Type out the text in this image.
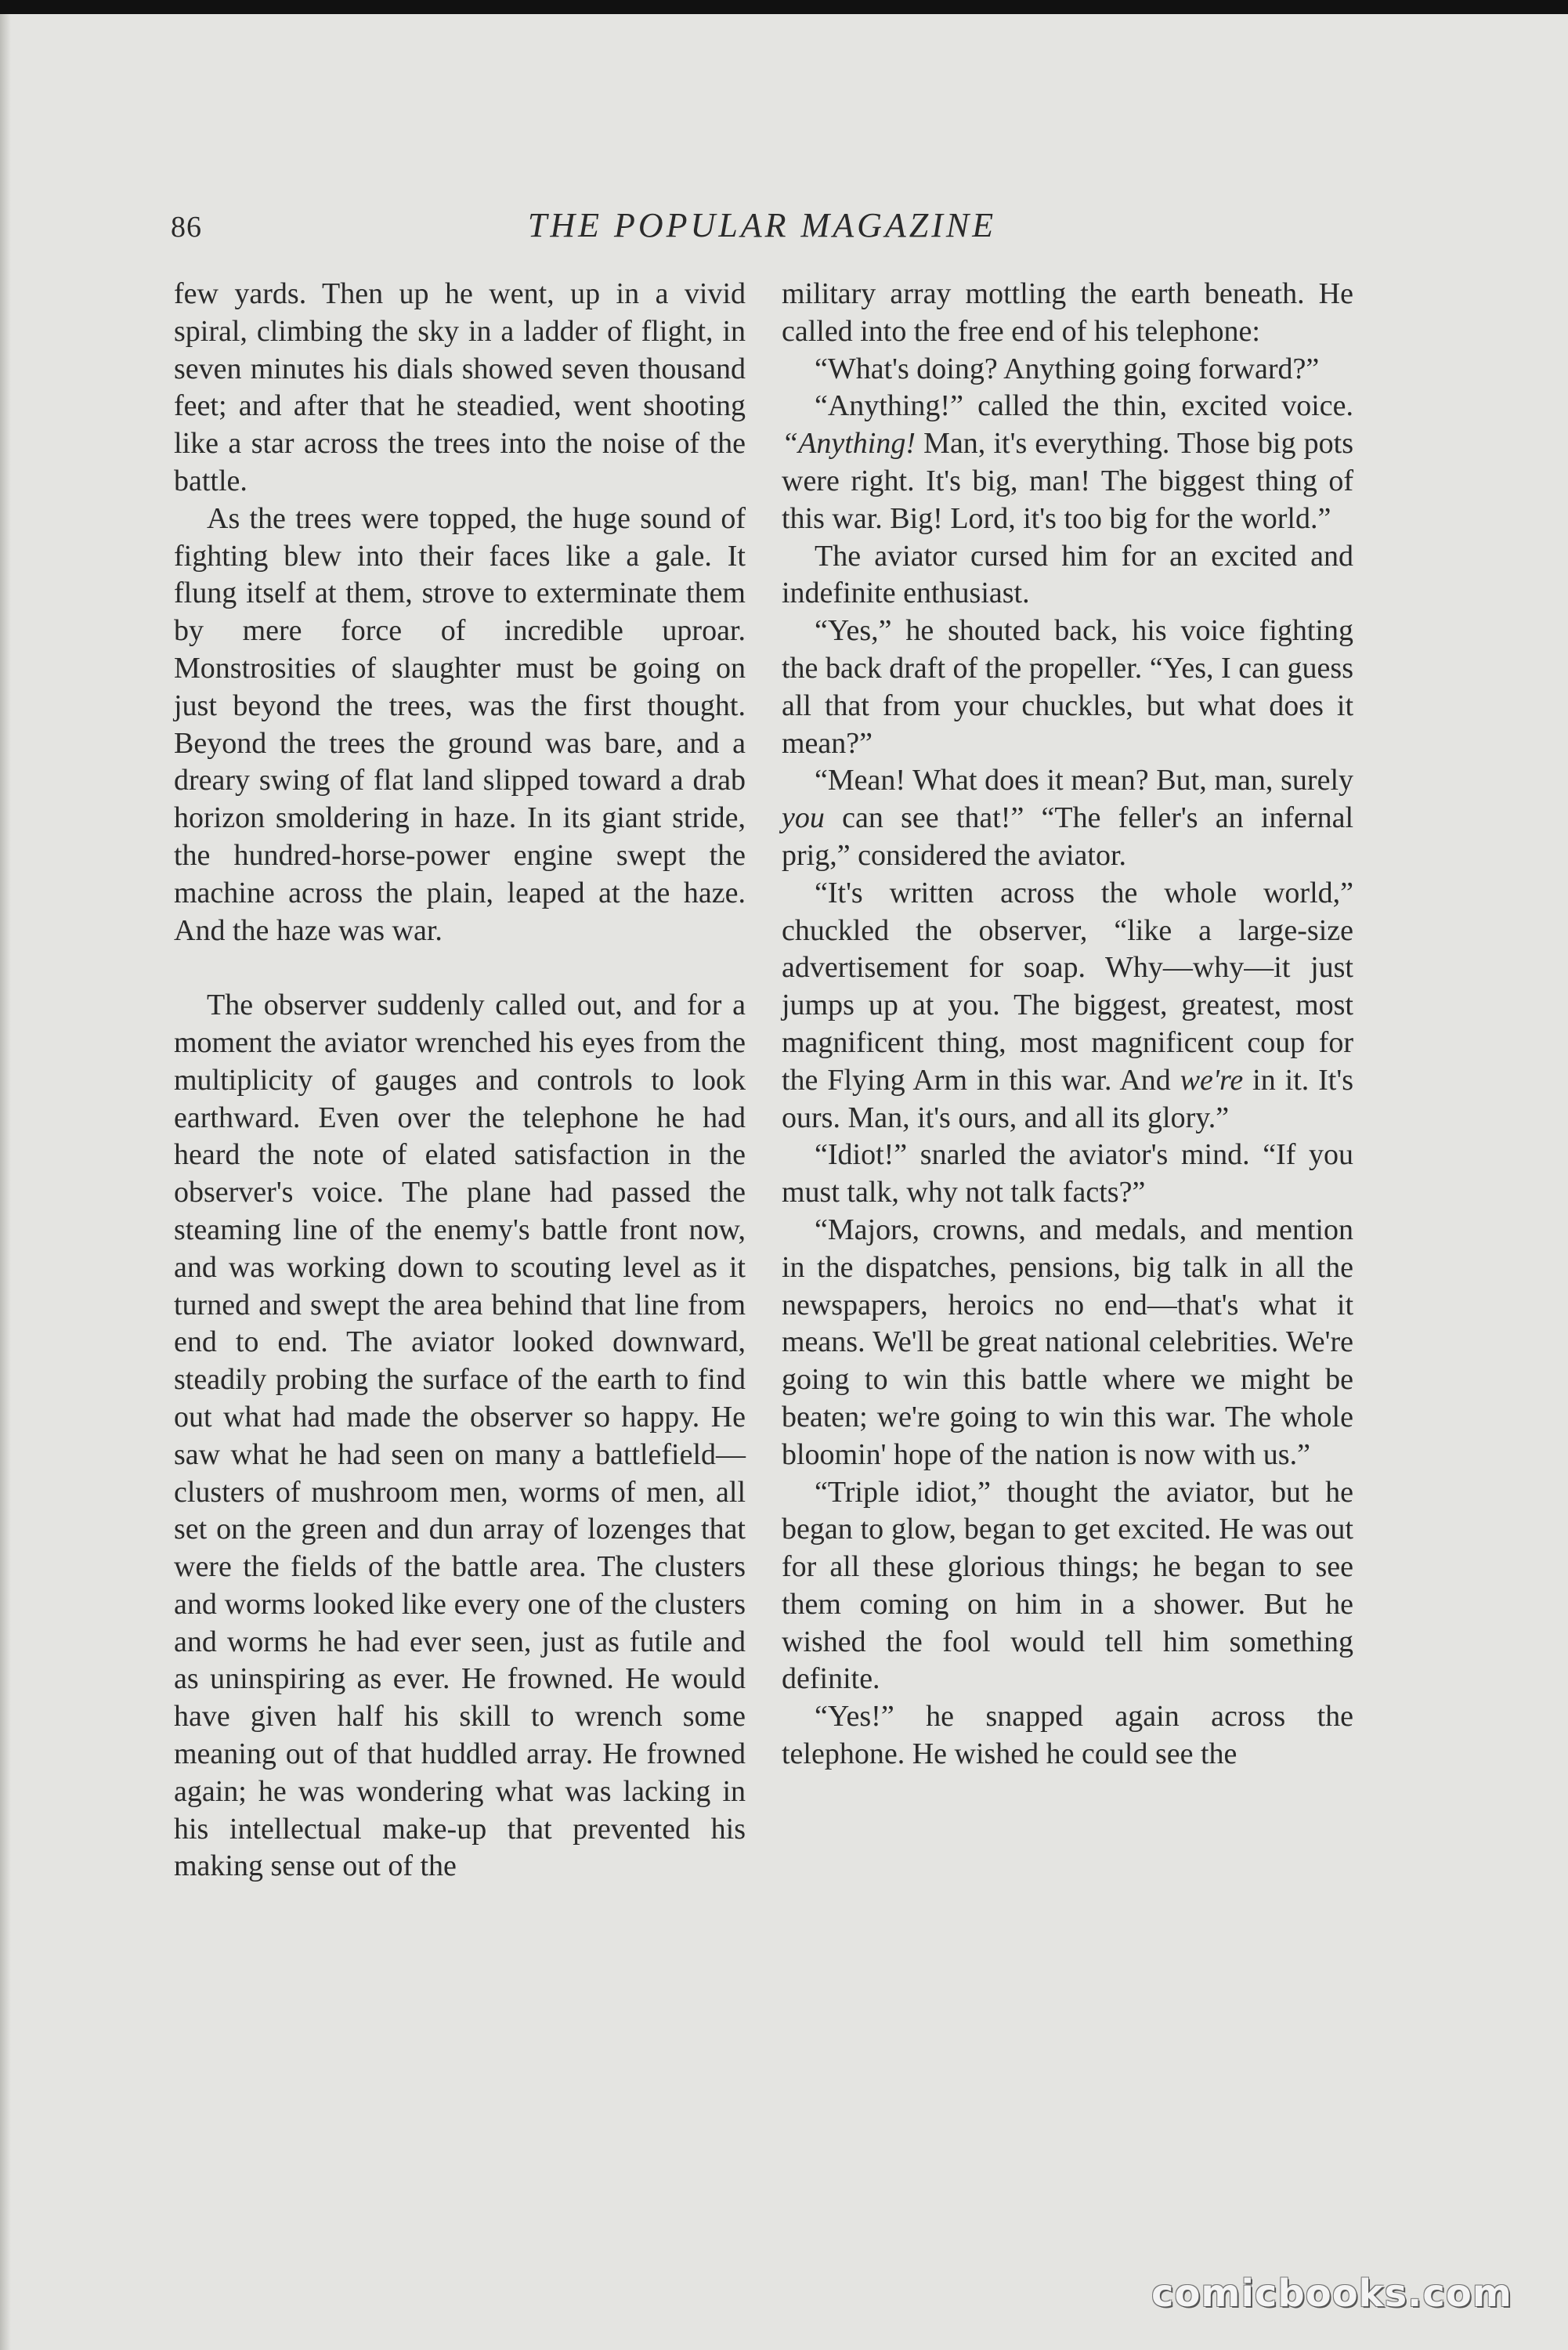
86	THE POPULAR MAGAZINE

few yards. Then up he went, up in a vivid spiral, climbing the sky in a ladder of flight, in seven minutes his dials showed seven thousand feet; and after that he steadied, went shooting like a star across the trees into the noise of the battle.

As the trees were topped, the huge sound of fighting blew into their faces like a gale. It flung itself at them, strove to exterminate them by mere force of incredible uproar. Monstrosities of slaughter must be going on just beyond the trees, was the first thought. Beyond the trees the ground was bare, and a dreary swing of flat land slipped toward a drab horizon smoldering in haze. In its giant stride, the hundred-horse-power engine swept the machine across the plain, leaped at the haze. And the haze was war.

The observer suddenly called out, and for a moment the aviator wrenched his eyes from the multiplicity of gauges and controls to look earthward. Even over the telephone he had heard the note of elated satisfaction in the observer's voice. The plane had passed the steaming line of the enemy's battle front now, and was working down to scouting level as it turned and swept the area behind that line from end to end. The aviator looked downward, steadily probing the surface of the earth to find out what had made the observer so happy. He saw what he had seen on many a battlefield—clusters of mushroom men, worms of men, all set on the green and dun array of lozenges that were the fields of the battle area. The clusters and worms looked like every one of the clusters and worms he had ever seen, just as futile and as uninspiring as ever. He frowned. He would have given half his skill to wrench some meaning out of that huddled array. He frowned again; he was wondering what was lacking in his intellectual make-up that prevented his making sense out of the

military array mottling the earth beneath. He called into the free end of his telephone:

“What's doing? Anything going forward?”

“Anything!” called the thin, excited voice. “Anything! Man, it's everything. Those big pots were right. It's big, man! The biggest thing of this war. Big! Lord, it's too big for the world.”

The aviator cursed him for an excited and indefinite enthusiast.

“Yes,” he shouted back, his voice fighting the back draft of the propeller. “Yes, I can guess all that from your chuckles, but what does it mean?”

“Mean! What does it mean? But, man, surely you can see that!” “The feller's an infernal prig,” considered the aviator.

“It's written across the whole world,” chuckled the observer, “like a large-size advertisement for soap. Why—why—it just jumps up at you. The biggest, greatest, most magnificent thing, most magnificent coup for the Flying Arm in this war. And we're in it. It's ours. Man, it's ours, and all its glory.”

“Idiot!” snarled the aviator's mind. “If you must talk, why not talk facts?”

“Majors, crowns, and medals, and mention in the dispatches, pensions, big talk in all the newspapers, heroics no end—that's what it means. We'll be great national celebrities. We're going to win this battle where we might be beaten; we're going to win this war. The whole bloomin' hope of the nation is now with us.”

“Triple idiot,” thought the aviator, but he began to glow, began to get excited. He was out for all these glorious things; he began to see them coming on him in a shower. But he wished the fool would tell him something definite.

“Yes!” he snapped again across the telephone. He wished he could see the

comicbooks.com
